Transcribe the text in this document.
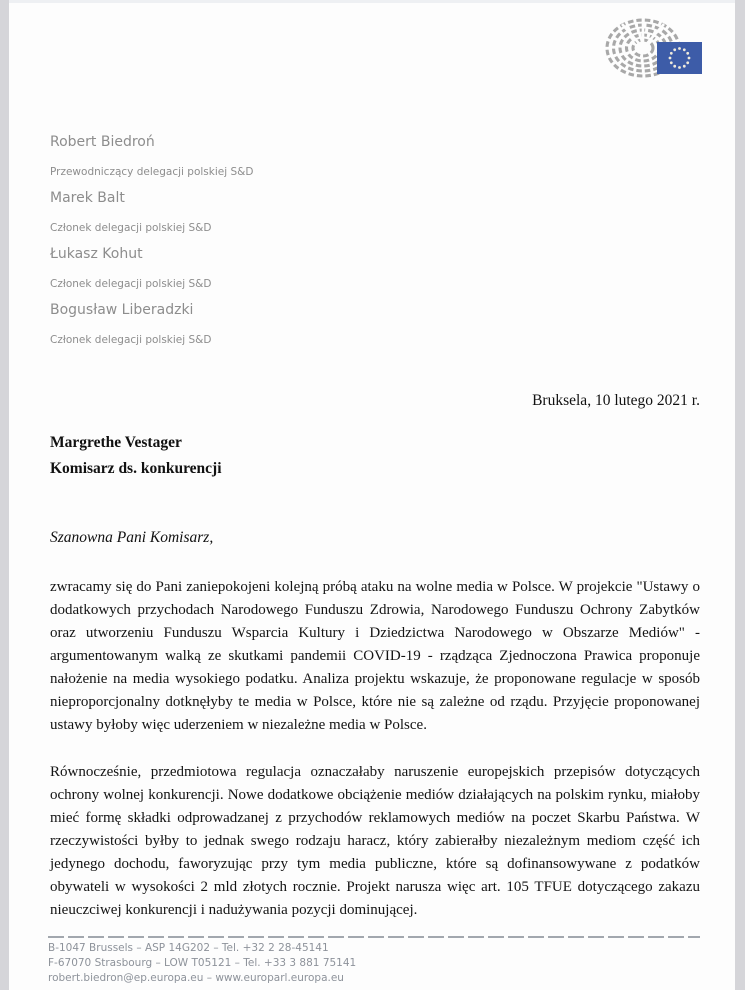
Robert Biedroń

Przewodniczący delegacji polskiej S&D

Marek Balt

Członek delegacji polskiej S&D

Łukasz Kohut

Członek delegacji polskiej S&D

Bogusław Liberadzki

Członek delegacji polskiej S&D

Bruksela, 10 lutego 2021 r.
Margrethe Vestager
Komisarz ds. konkurencji
Szanowna Pani Komisarz,

zwracamy się do Pani zaniepokojeni kolejną próbą ataku na wolne media w Polsce. W projekcie "Ustawy o dodatkowych przychodach Narodowego Funduszu Zdrowia, Narodowego Funduszu Ochrony Zabytków oraz utworzeniu Funduszu Wsparcia Kultury i Dziedzictwa Narodowego w Obszarze Mediów" - argumentowanym walką ze skutkami pandemii COVID-19 - rządząca Zjednoczona Prawica proponuje nałożenie na media wysokiego podatku. Analiza projektu wskazuje, że proponowane regulacje w sposób nieproporcjonalny dotknęłyby te media w Polsce, które nie są zależne od rządu. Przyjęcie proponowanej ustawy byłoby więc uderzeniem w niezależne media w Polsce.

Równocześnie, przedmiotowa regulacja oznaczałaby naruszenie europejskich przepisów dotyczących ochrony wolnej konkurencji. Nowe dodatkowe obciążenie mediów działających na polskim rynku, miałoby mieć formę składki odprowadzanej z przychodów reklamowych mediów na poczet Skarbu Państwa. W rzeczywistości byłby to jednak swego rodzaju haracz, który zabierałby niezależnym mediom część ich jedynego dochodu, faworyzując przy tym media publiczne, które są dofinansowywane z podatków obywateli w wysokości 2 mld złotych rocznie. Projekt narusza więc art. 105 TFUE dotyczącego zakazu nieuczciwej konkurencji i nadużywania pozycji dominującej.

B-1047 Brussels – ASP 14G202 – Tel. +32 2 28-45141

F-67070 Strasbourg – LOW T05121 – Tel. +33 3 881 75141

robert.biedron@ep.europa.eu – www.europarl.europa.eu
